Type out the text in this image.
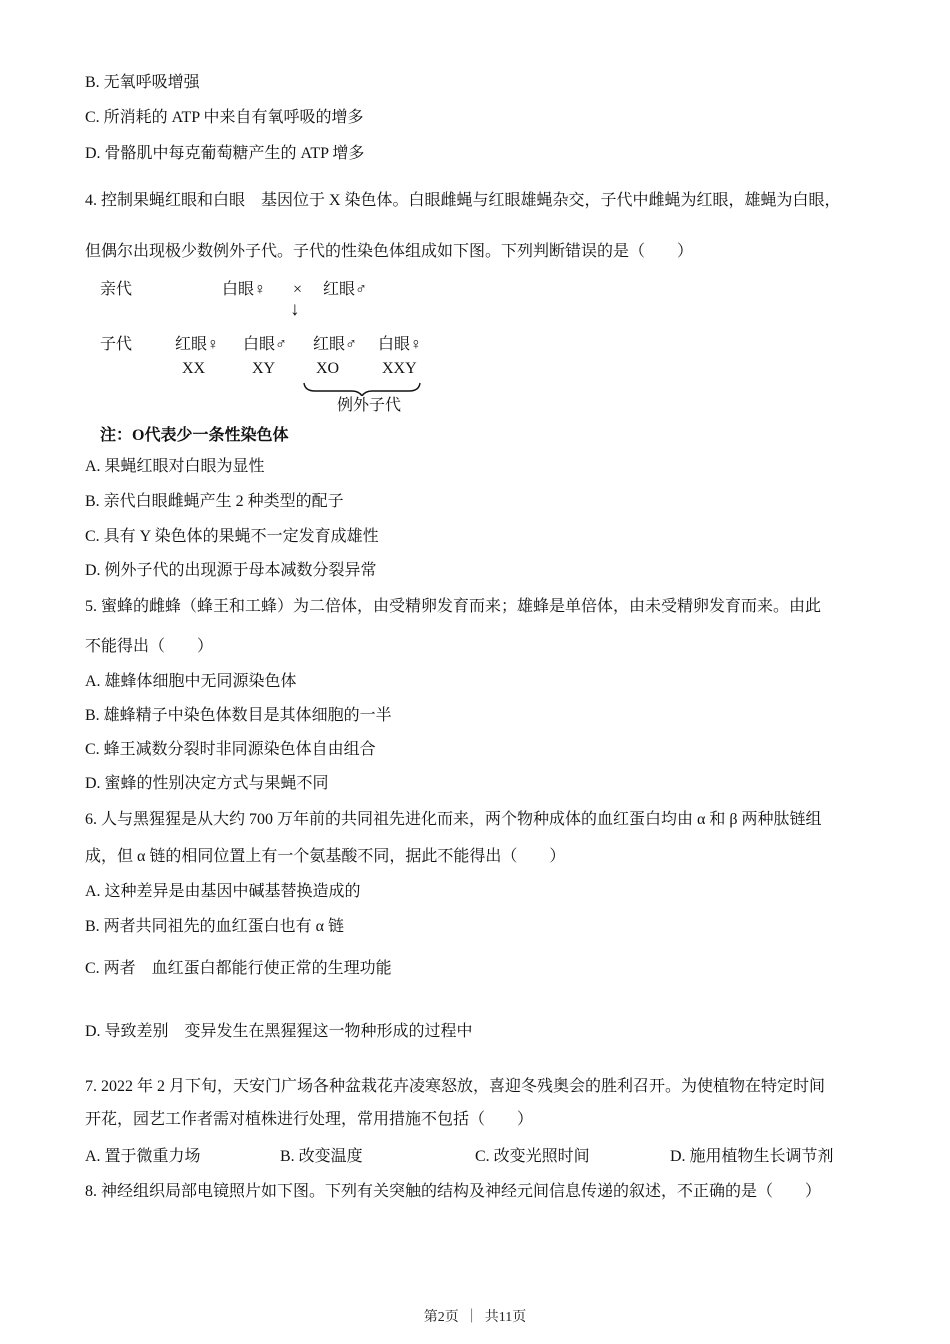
B. 无氧呼吸增强

C. 所消耗的 ATP 中来自有氧呼吸的增多

D. 骨骼肌中每克葡萄糖产生的 ATP 增多

4. 控制果蝇红眼和白眼　基因位于 X 染色体。白眼雌蝇与红眼雄蝇杂交，子代中雌蝇为红眼，雄蝇为白眼，

但偶尔出现极少数例外子代。子代的性染色体组成如下图。下列判断错误的是（　　）

亲代	白眼♀ × 红眼♂
↓
子代	红眼♀ 白眼♂ 红眼♂ 白眼♀
XX	XY	XO	XXY
例外子代
注：O代表少一条性染色体

A. 果蝇红眼对白眼为显性

B. 亲代白眼雌蝇产生 2 种类型的配子

C. 具有 Y 染色体的果蝇不一定发育成雄性

D. 例外子代的出现源于母本减数分裂异常

5. 蜜蜂的雌蜂（蜂王和工蜂）为二倍体，由受精卵发育而来；雄蜂是单倍体，由未受精卵发育而来。由此

不能得出（　　）

A. 雄蜂体细胞中无同源染色体

B. 雄蜂精子中染色体数目是其体细胞的一半

C. 蜂王减数分裂时非同源染色体自由组合

D. 蜜蜂的性别决定方式与果蝇不同

6. 人与黑猩猩是从大约 700 万年前的共同祖先进化而来，两个物种成体的血红蛋白均由 α 和 β 两种肽链组

成，但 α 链的相同位置上有一个氨基酸不同，据此不能得出（　　）

A. 这种差异是由基因中碱基替换造成的

B. 两者共同祖先的血红蛋白也有 α 链

C. 两者　血红蛋白都能行使正常的生理功能

D. 导致差别　变异发生在黑猩猩这一物种形成的过程中

7. 2022 年 2 月下旬，天安门广场各种盆栽花卉凌寒怒放，喜迎冬残奥会的胜利召开。为使植物在特定时间

开花，园艺工作者需对植株进行处理，常用措施不包括（　　）

A. 置于微重力场	B. 改变温度	C. 改变光照时间	D. 施用植物生长调节剂

8. 神经组织局部电镜照片如下图。下列有关突触的结构及神经元间信息传递的叙述，不正确的是（　　）

第2页 ｜ 共11页
